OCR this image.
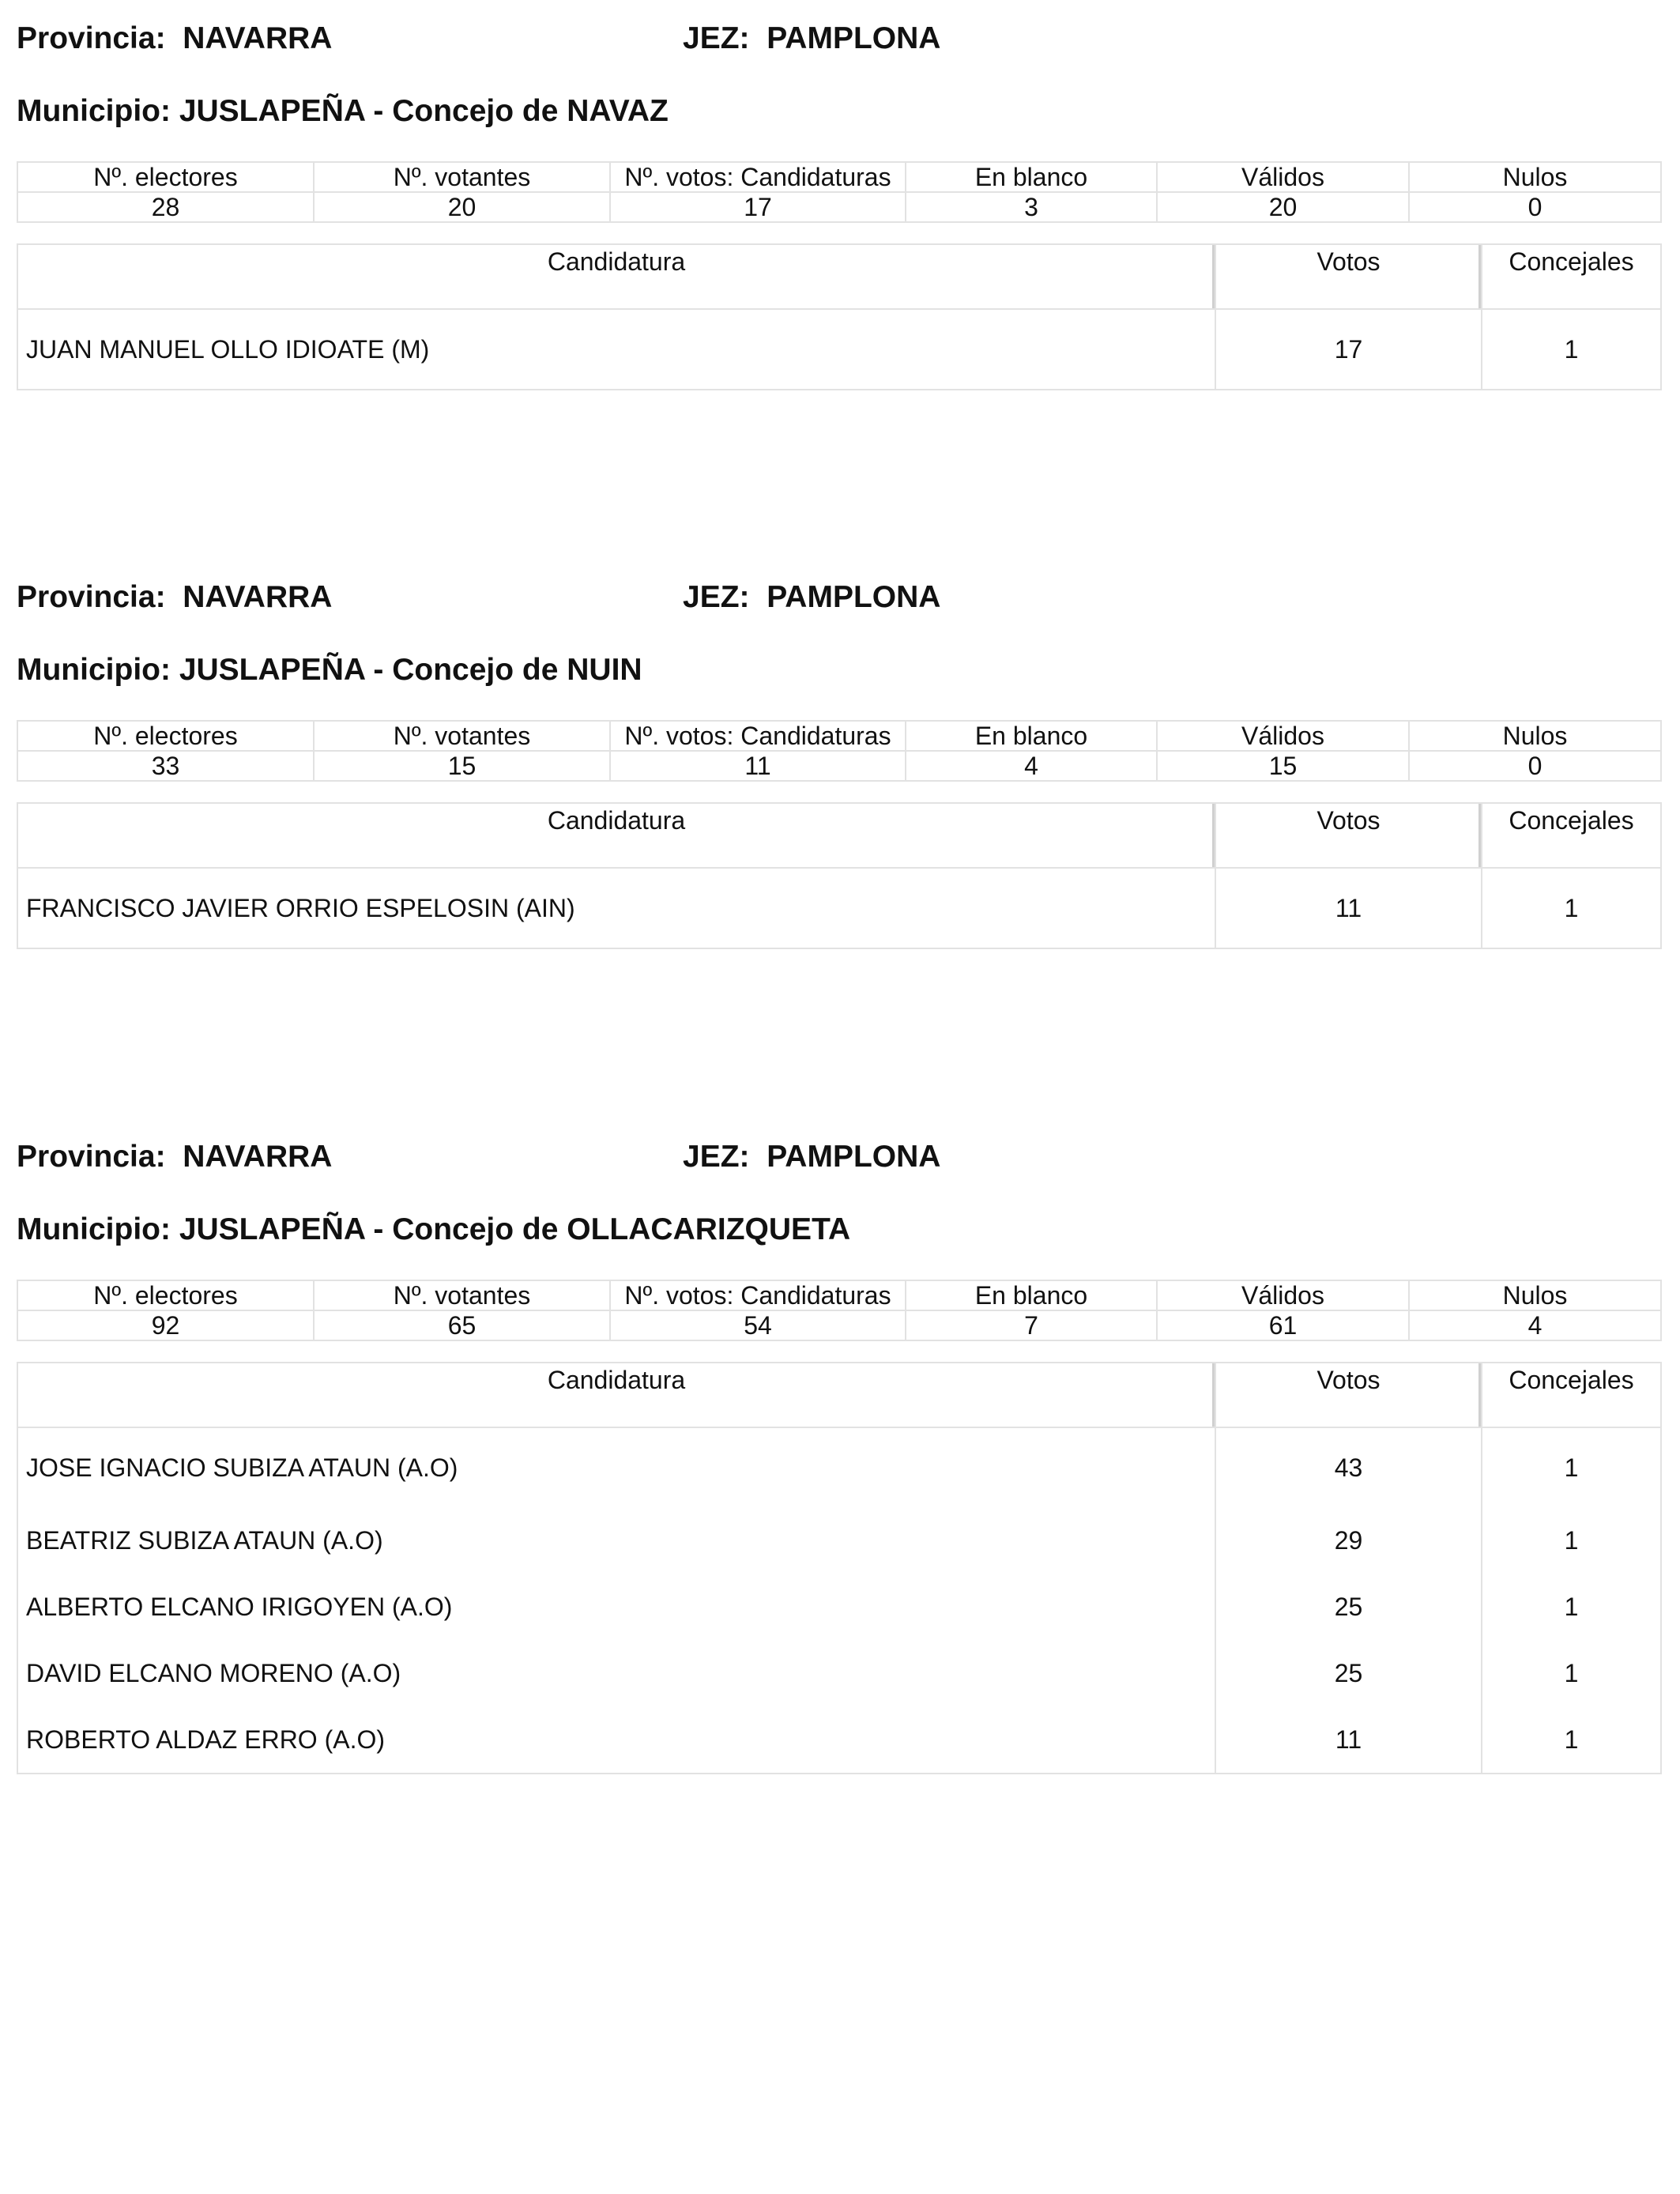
Provincia: NAVARRA	JEZ: PAMPLONA
Municipio: JUSLAPEÑA - Concejo de NAVAZ
Nº. electores	Nº. votantes	Nº. votos: Candidaturas	En blanco	Válidos	Nulos
28	20	17	3	20	0
Candidatura	Votos	Concejales
JUAN MANUEL OLLO IDIOATE (M)	17	1
Provincia: NAVARRA	JEZ: PAMPLONA
Municipio: JUSLAPEÑA - Concejo de NUIN
Nº. electores	Nº. votantes	Nº. votos: Candidaturas	En blanco	Válidos	Nulos
33	15	11	4	15	0
Candidatura	Votos	Concejales
FRANCISCO JAVIER ORRIO ESPELOSIN (AIN)	11	1
Provincia: NAVARRA	JEZ: PAMPLONA
Municipio: JUSLAPEÑA - Concejo de OLLACARIZQUETA
Nº. electores	Nº. votantes	Nº. votos: Candidaturas	En blanco	Válidos	Nulos
92	65	54	7	61	4
Candidatura	Votos	Concejales
JOSE IGNACIO SUBIZA ATAUN (A.O)	43	1
BEATRIZ SUBIZA ATAUN (A.O)	29	1
ALBERTO ELCANO IRIGOYEN (A.O)	25	1
DAVID ELCANO MORENO (A.O)	25	1
ROBERTO ALDAZ ERRO (A.O)	11	1
